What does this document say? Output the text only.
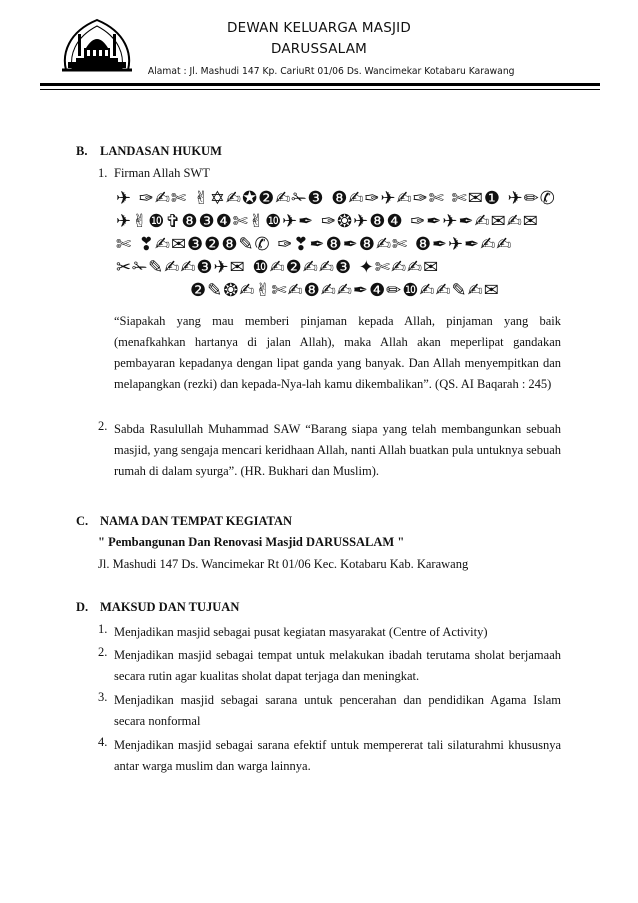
DEWAN KELUARGA MASJID
DARUSSALAM
Alamat : Jl. Mashudi 147 Kp. CariuRt 01/06 Ds. Wancimekar Kotabaru Karawang
B. LANDASAN HUKUM
1. Firman Allah SWT
✈ ✑✍✄ ✌✡✍✪❷✍✁❸ ❽✍✑✈✍✑✄ ✄✉❶ ✈✏✆
✈✌❿✞❽❸❹✄✌❿✈✒ ✑❂✈❽❹ ✑✒✈✒✍✉✍✉
✄ ❣✍✉❸❷❽✎✆ ✑❣✒❽✒❽✍✄ ❽✒✈✒✍✍
✂✁✎✍✍❸✈✉ ❿✍❷✍✍❸ ✦✄✍✍✉
❷✎❂✍✌✄✍❽✍✍✒❹✏❿✍✍✎✍✉
“Siapakah yang mau memberi pinjaman kepada Allah, pinjaman yang baik (menafkahkan hartanya di jalan Allah), maka Allah akan meperlipat gandakan pembayaran kepadanya dengan lipat ganda yang banyak. Dan Allah menyempitkan dan melapangkan (rezki) dan kepada-Nya-lah kamu dikembalikan”. (QS. AI Baqarah : 245)
2. Sabda Rasulullah Muhammad SAW “Barang siapa yang telah membangunkan sebuah masjid, yang sengaja mencari keridhaan Allah, nanti Allah buatkan pula untuknya sebuah rumah di dalam syurga”. (HR. Bukhari dan Muslim).
C. NAMA DAN TEMPAT KEGIATAN
" Pembangunan Dan Renovasi Masjid DARUSSALAM "
Jl. Mashudi 147 Ds. Wancimekar Rt 01/06 Kec. Kotabaru Kab. Karawang
D. MAKSUD DAN TUJUAN
1. Menjadikan masjid sebagai pusat kegiatan masyarakat (Centre of Activity)
2. Menjadikan masjid sebagai tempat untuk melakukan ibadah terutama sholat berjamaah secara rutin agar kualitas sholat dapat terjaga dan meningkat.
3. Menjadikan masjid sebagai sarana untuk pencerahan dan pendidikan Agama Islam secara nonformal
4. Menjadikan masjid sebagai sarana efektif untuk mempererat tali silaturahmi khususnya antar warga muslim dan warga lainnya.
